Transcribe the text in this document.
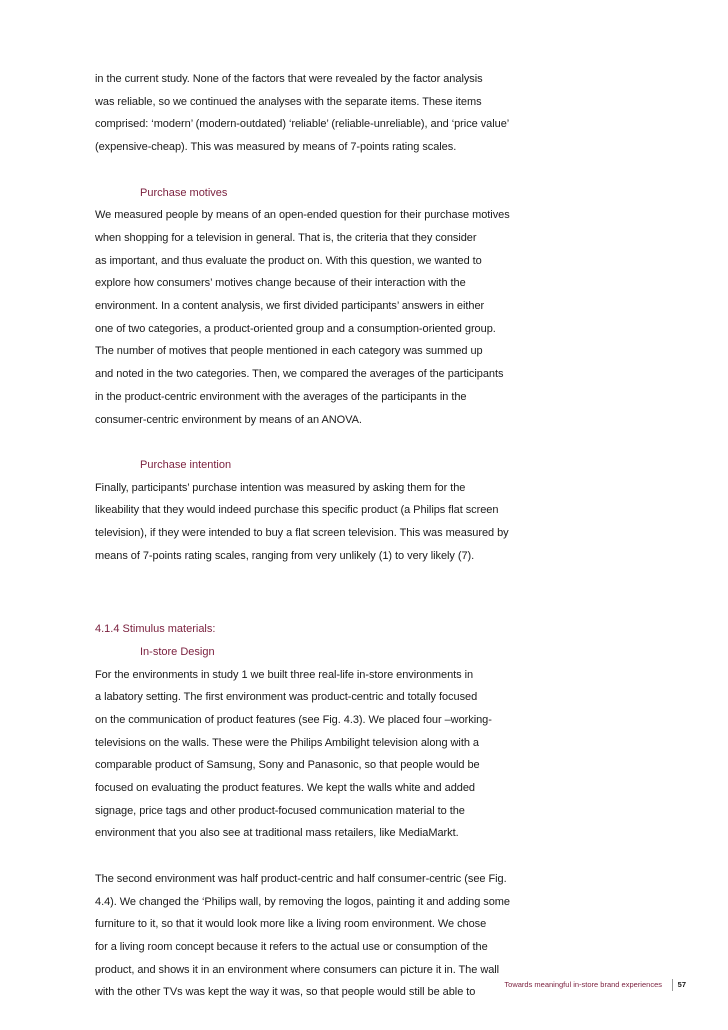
in the current study. None of the factors that were revealed by the factor analysis
was reliable, so we continued the analyses with the separate items. These items
comprised: ‘modern’ (modern-outdated) ‘reliable’ (reliable-unreliable), and ‘price value’
(expensive-cheap). This was measured by means of 7-points rating scales.
Purchase motives
We measured people by means of an open-ended question for their purchase motives
when shopping for a television in general. That is, the criteria that they consider
as important, and thus evaluate the product on. With this question, we wanted to
explore how consumers’ motives change because of their interaction with the
environment. In a content analysis, we first divided participants’ answers in either
one of two categories, a product-oriented group and a consumption-oriented group.
The number of motives that people mentioned in each category was summed up
and noted in the two categories. Then, we compared the averages of the participants
in the product-centric environment with the averages of the participants in the
consumer-centric environment by means of an ANOVA.
Purchase intention
Finally, participants’ purchase intention was measured by asking them for the
likeability that they would indeed purchase this specific product (a Philips flat screen
television), if they were intended to buy a flat screen television. This was measured by
means of 7-points rating scales, ranging from very unlikely (1) to very likely (7).
4.1.4 Stimulus materials:
In-store Design
For the environments in study 1 we built three real-life in-store environments in
a labatory setting. The first environment was product-centric and totally focused
on the communication of product features (see Fig. 4.3). We placed four –working-
televisions on the walls. These were the Philips Ambilight television along with a
comparable product of Samsung, Sony and Panasonic, so that people would be
focused on evaluating the product features. We kept the walls white and added
signage, price tags and other product-focused communication material to the
environment that you also see at traditional mass retailers, like MediaMarkt.
The second environment was half product-centric and half consumer-centric (see Fig.
4.4). We changed the ‘Philips wall, by removing the logos, painting it and adding some
furniture to it, so that it would look more like a living room environment. We chose
for a living room concept because it refers to the actual use or consumption of the
product, and shows it in an environment where consumers can picture it in. The wall
with the other TVs was kept the way it was, so that people would still be able to
Towards meaningful in-store brand experiences 57
